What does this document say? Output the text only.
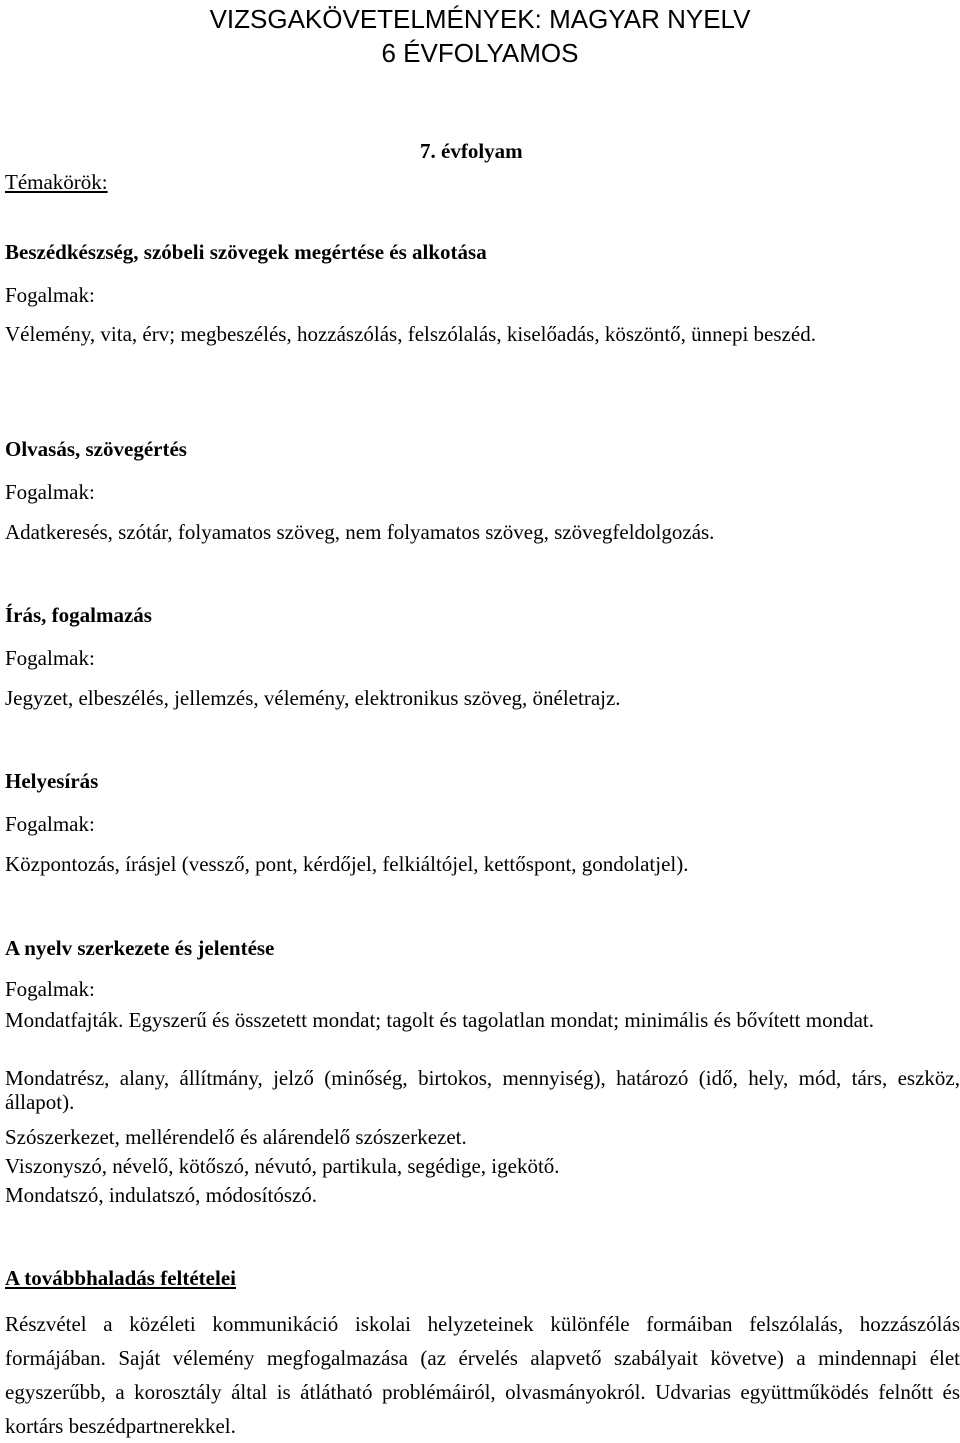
VIZSGAKÖVETELMÉNYEK: MAGYAR NYELV
6 ÉVFOLYAMOS
7. évfolyam
Témakörök:
Beszédkészség, szóbeli szövegek megértése és alkotása
Fogalmak:
Vélemény, vita, érv; megbeszélés, hozzászólás, felszólalás, kiselőadás, köszöntő, ünnepi beszéd.
Olvasás, szövegértés
Fogalmak:
Adatkeresés, szótár, folyamatos szöveg, nem folyamatos szöveg, szövegfeldolgozás.
Írás, fogalmazás
Fogalmak:
Jegyzet, elbeszélés, jellemzés, vélemény, elektronikus szöveg, önéletrajz.
Helyesírás
Fogalmak:
Központozás, írásjel (vessző, pont, kérdőjel, felkiáltójel, kettőspont, gondolatjel).
A nyelv szerkezete és jelentése
Fogalmak:
Mondatfajták. Egyszerű és összetett mondat; tagolt és tagolatlan mondat; minimális és bővített mondat.
Mondatrész, alany, állítmány, jelző (minőség, birtokos, mennyiség), határozó (idő, hely, mód, társ, eszköz, állapot).
Szószerkezet, mellérendelő és alárendelő szószerkezet.
Viszonyszó, névelő, kötőszó, névutó, partikula, segédige, igekötő.
Mondatszó, indulatszó, módosítószó.
A továbbhaladás feltételei
Részvétel a közéleti kommunikáció iskolai helyzeteinek különféle formáiban felszólalás, hozzászólás formájában. Saját vélemény megfogalmazása (az érvelés alapvető szabályait követve) a mindennapi élet egyszerűbb, a korosztály által is átlátható problémáiról, olvasmányokról. Udvarias együttműködés felnőtt és kortárs beszédpartnerekkel.
